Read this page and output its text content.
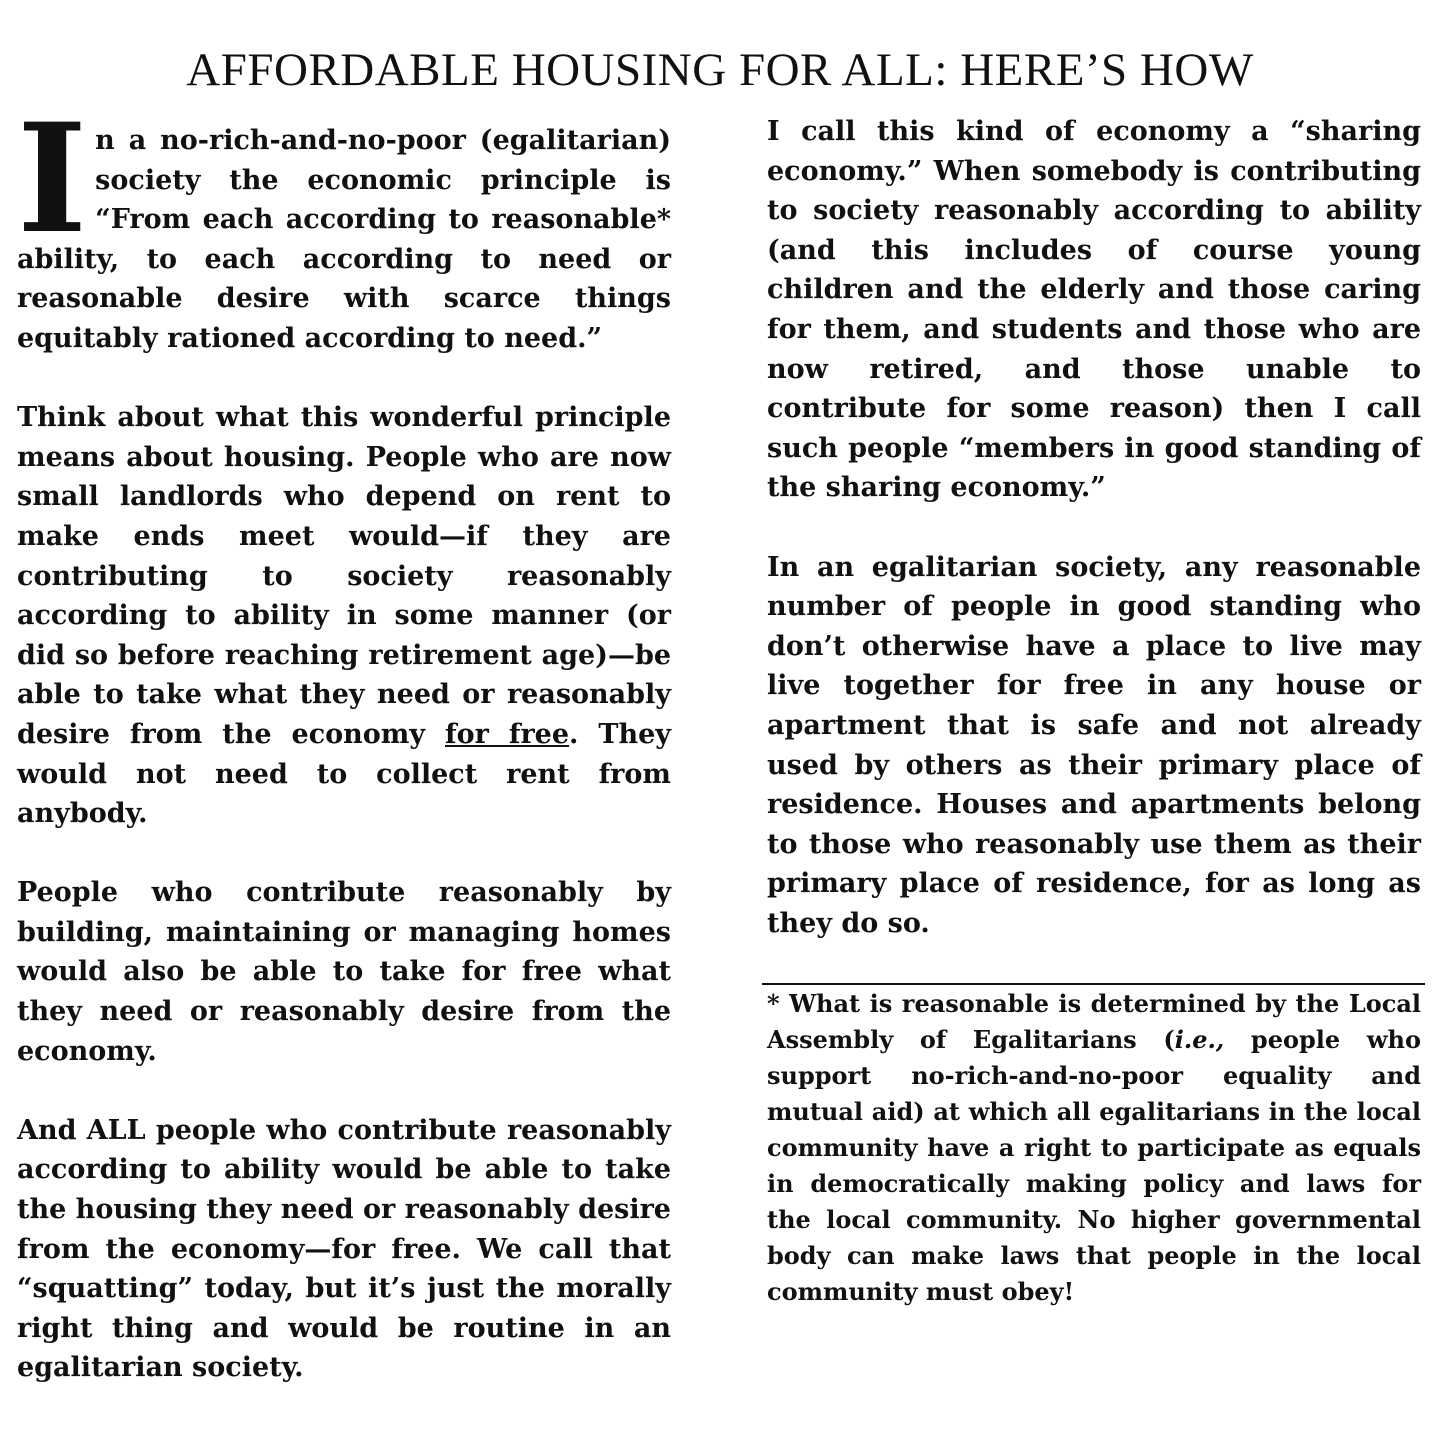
AFFORDABLE HOUSING FOR ALL: HERE’S HOW

In a no-rich-and-no-poor (egalitarian) society the economic principle is “From each according to reasonable* ability, to each according to need or reasonable desire with scarce things equitably rationed according to need.”

Think about what this wonderful principle means about housing. People who are now small landlords who depend on rent to make ends meet would—if they are contributing to society reasonably according to ability in some manner (or did so before reaching retirement age)—be able to take what they need or reasonably desire from the economy for free. They would not need to collect rent from anybody.

People who contribute reasonably by building, maintaining or managing homes would also be able to take for free what they need or reasonably desire from the economy.

And ALL people who contribute reasonably according to ability would be able to take the housing they need or reasonably desire from the economy—for free. We call that “squatting” today, but it’s just the morally right thing and would be routine in an egalitarian society.

I call this kind of economy a “sharing economy.” When somebody is contributing to society reasonably according to ability (and this includes of course young children and the elderly and those caring for them, and students and those who are now retired, and those unable to contribute for some reason) then I call such people “members in good standing of the sharing economy.”

In an egalitarian society, any reasonable number of people in good standing who don’t otherwise have a place to live may live together for free in any house or apartment that is safe and not already used by others as their primary place of residence. Houses and apartments belong to those who reasonably use them as their primary place of residence, for as long as they do so.

* What is reasonable is determined by the Local Assembly of Egalitarians (i.e., people who support no-rich-and-no-poor equality and mutual aid) at which all egalitarians in the local community have a right to participate as equals in democratically making policy and laws for the local community. No higher governmental body can make laws that people in the local community must obey!
